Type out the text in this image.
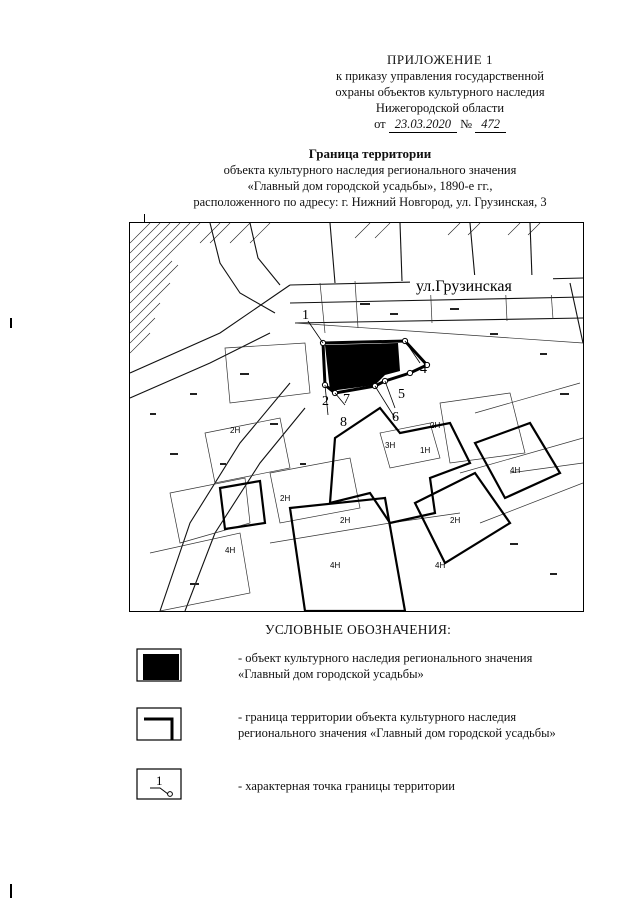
ПРИЛОЖЕНИЕ 1
к приказу управления государственной
охраны объектов культурного наследия
Нижегородской области
от 23.03.2020 № 472
Граница территории
объекта культурного наследия регионального значения
«Главный дом городской усадьбы», 1890-е гг.,
расположенного по адресу: г. Нижний Новгород, ул. Грузинская, 3
ул.Грузинская
1
2
3
4
5
6
7
8
2Н
2Н
2Н
4Н
4Н
2Н
1Н
4Н
2Н
3Н
4Н
УСЛОВНЫЕ ОБОЗНАЧЕНИЯ:
- объект культурного наследия регионального значения
«Главный дом городской усадьбы»
- граница территории объекта культурного наследия
регионального значения «Главный дом городской усадьбы»
1	- характерная точка границы территории
